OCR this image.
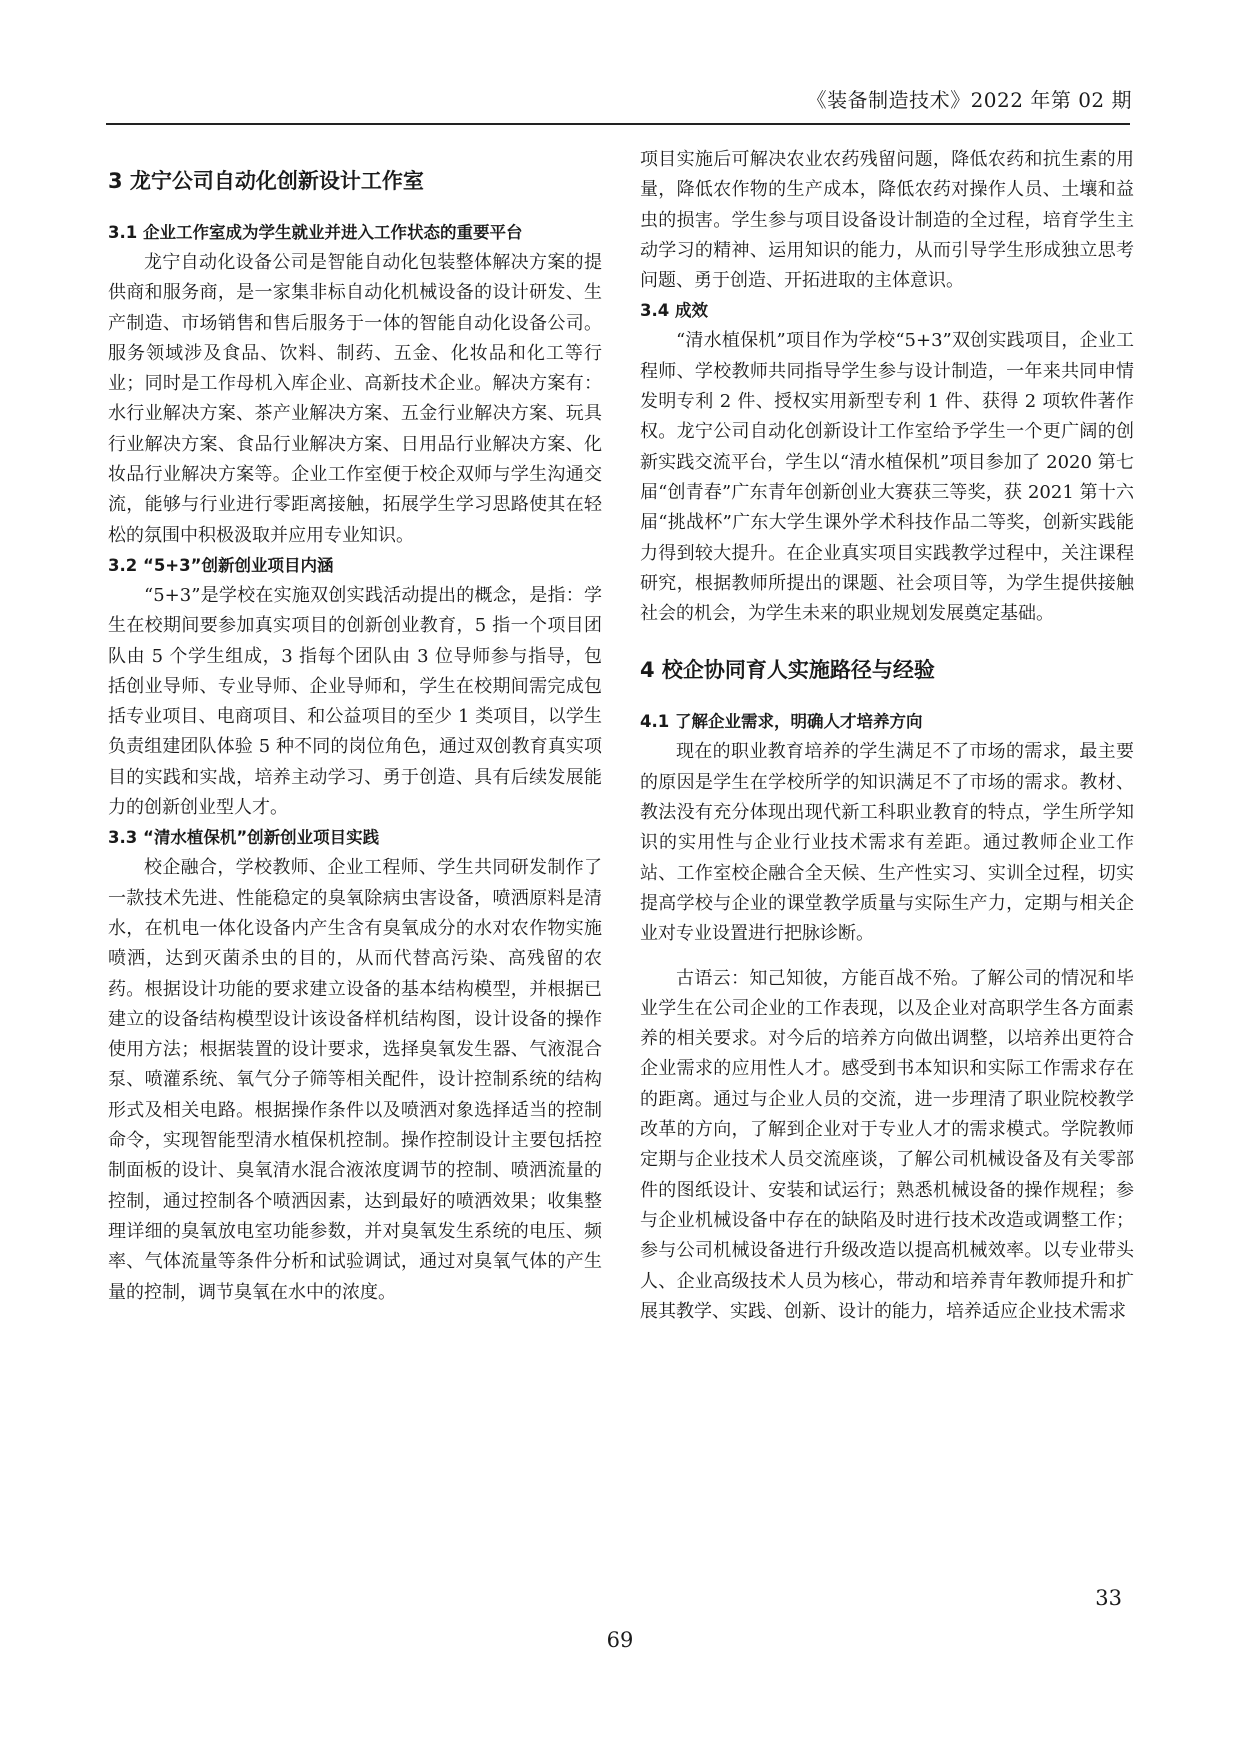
《装备制造技术》2022 年第 02 期
3 龙宁公司自动化创新设计工作室
3.1 企业工作室成为学生就业并进入工作状态的重要平台

龙宁自动化设备公司是智能自动化包装整体解决方案的提供商和服务商，是一家集非标自动化机械设备的设计研发、生产制造、市场销售和售后服务于一体的智能自动化设备公司。服务领域涉及食品、饮料、制药、五金、化妆品和化工等行业；同时是工作母机入库企业、高新技术企业。解决方案有：水行业解决方案、茶产业解决方案、五金行业解决方案、玩具行业解决方案、食品行业解决方案、日用品行业解决方案、化妆品行业解决方案等。企业工作室便于校企双师与学生沟通交流，能够与行业进行零距离接触，拓展学生学习思路使其在轻松的氛围中积极汲取并应用专业知识。

3.2 “5+3”创新创业项目内涵

“5+3”是学校在实施双创实践活动提出的概念，是指：学生在校期间要参加真实项目的创新创业教育，5 指一个项目团队由 5 个学生组成，3 指每个团队由 3 位导师参与指导，包括创业导师、专业导师、企业导师和，学生在校期间需完成包括专业项目、电商项目、和公益项目的至少 1 类项目，以学生负责组建团队体验 5 种不同的岗位角色，通过双创教育真实项目的实践和实战，培养主动学习、勇于创造、具有后续发展能力的创新创业型人才。

3.3 “清水植保机”创新创业项目实践

校企融合，学校教师、企业工程师、学生共同研发制作了一款技术先进、性能稳定的臭氧除病虫害设备，喷洒原料是清水，在机电一体化设备内产生含有臭氧成分的水对农作物实施喷洒，达到灭菌杀虫的目的，从而代替高污染、高残留的农药。根据设计功能的要求建立设备的基本结构模型，并根据已建立的设备结构模型设计该设备样机结构图，设计设备的操作使用方法；根据装置的设计要求，选择臭氧发生器、气液混合泵、喷灌系统、氧气分子筛等相关配件，设计控制系统的结构形式及相关电路。根据操作条件以及喷洒对象选择适当的控制命令，实现智能型清水植保机控制。操作控制设计主要包括控制面板的设计、臭氧清水混合液浓度调节的控制、喷洒流量的控制，通过控制各个喷洒因素，达到最好的喷洒效果；收集整理详细的臭氧放电室功能参数，并对臭氧发生系统的电压、频率、气体流量等条件分析和试验调试，通过对臭氧气体的产生量的控制，调节臭氧在水中的浓度。

项目实施后可解决农业农药残留问题，降低农药和抗生素的用量，降低农作物的生产成本，降低农药对操作人员、土壤和益虫的损害。学生参与项目设备设计制造的全过程，培育学生主动学习的精神、运用知识的能力，从而引导学生形成独立思考问题、勇于创造、开拓进取的主体意识。

3.4 成效

“清水植保机”项目作为学校“5+3”双创实践项目，企业工程师、学校教师共同指导学生参与设计制造，一年来共同申情发明专利 2 件、授权实用新型专利 1 件、获得 2 项软件著作权。龙宁公司自动化创新设计工作室给予学生一个更广阔的创新实践交流平台，学生以“清水植保机”项目参加了 2020 第七届“创青春”广东青年创新创业大赛获三等奖，获 2021 第十六届“挑战杯”广东大学生课外学术科技作品二等奖，创新实践能力得到较大提升。在企业真实项目实践教学过程中，关注课程研究，根据教师所提出的课题、社会项目等，为学生提供接触社会的机会，为学生未来的职业规划发展奠定基础。

4 校企协同育人实施路径与经验
4.1 了解企业需求，明确人才培养方向

现在的职业教育培养的学生满足不了市场的需求，最主要的原因是学生在学校所学的知识满足不了市场的需求。教材、教法没有充分体现出现代新工科职业教育的特点，学生所学知识的实用性与企业行业技术需求有差距。通过教师企业工作站、工作室校企融合全天候、生产性实习、实训全过程，切实提高学校与企业的课堂教学质量与实际生产力，定期与相关企业对专业设置进行把脉诊断。

古语云：知己知彼，方能百战不殆。了解公司的情况和毕业学生在公司企业的工作表现，以及企业对高职学生各方面素养的相关要求。对今后的培养方向做出调整，以培养出更符合企业需求的应用性人才。感受到书本知识和实际工作需求存在的距离。通过与企业人员的交流，进一步理清了职业院校教学改革的方向，了解到企业对于专业人才的需求模式。学院教师定期与企业技术人员交流座谈，了解公司机械设备及有关零部件的图纸设计、安装和试运行；熟悉机械设备的操作规程；参与企业机械设备中存在的缺陷及时进行技术改造或调整工作；参与公司机械设备进行升级改造以提高机械效率。以专业带头人、企业高级技术人员为核心，带动和培养青年教师提升和扩展其教学、实践、创新、设计的能力，培养适应企业技术需求

33
69
